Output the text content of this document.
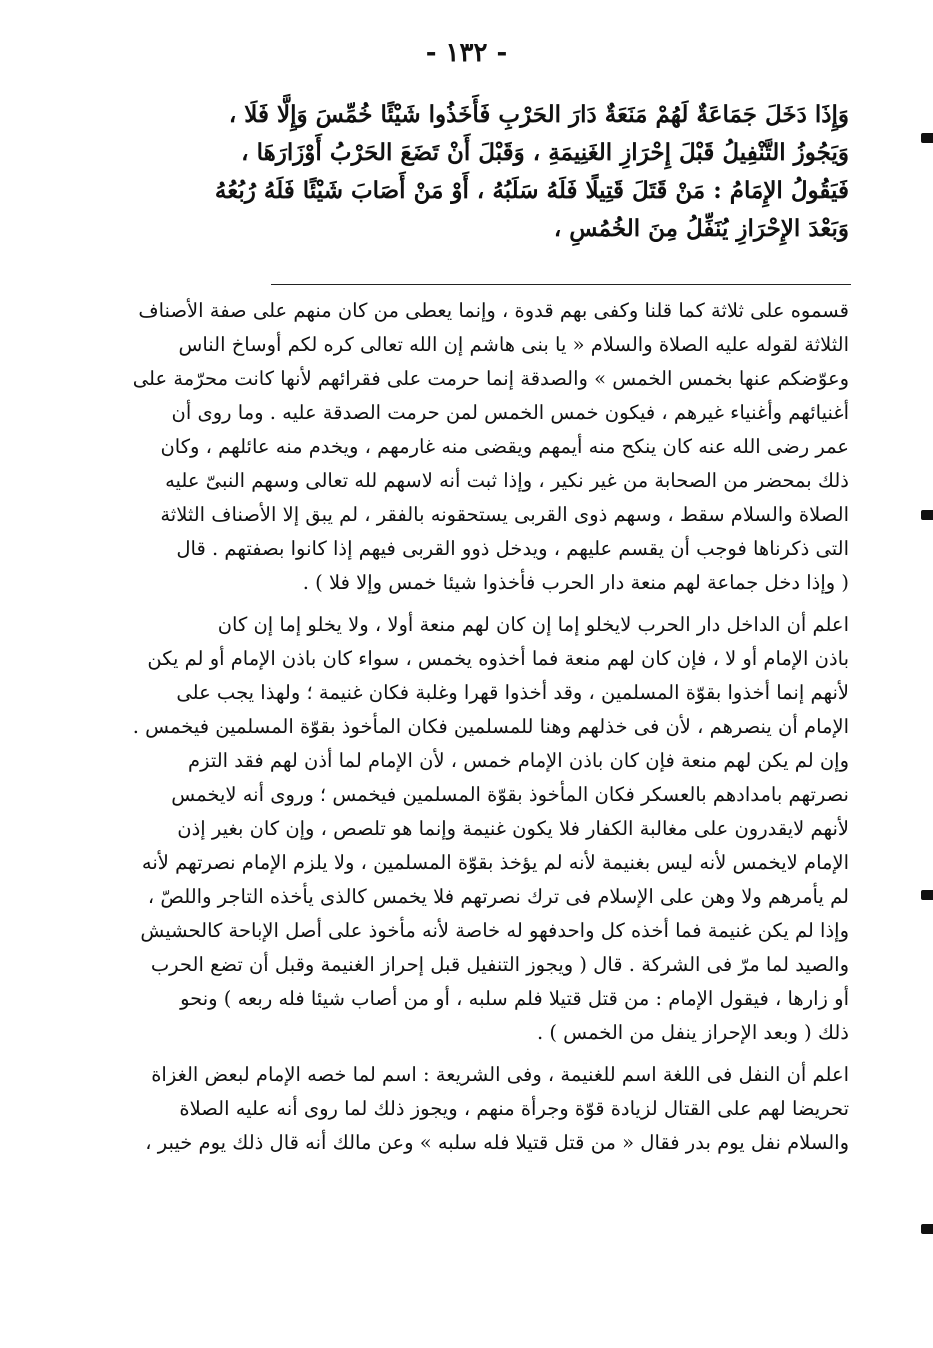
- ١٣٢ -
وَإِذَا دَخَلَ جَمَاعَةٌ لَهُمْ مَنَعَةٌ دَارَ الحَرْبِ فَأَخَذُوا شَيْئًا خُمِّسَ وَإِلَّا فَلَا ،
وَيَجُوزُ التَّنْفِيلُ قَبْلَ إِحْرَازِ الغَنِيمَةِ ، وَقَبْلَ أَنْ تَضَعَ الحَرْبُ أَوْزَارَهَا ،
فَيَقُولُ الإِمَامُ : مَنْ قَتَلَ قَتِيلًا فَلَهُ سَلَبُهُ ، أَوْ مَنْ أَصَابَ شَيْئًا فَلَهُ رُبُعُهُ
وَبَعْدَ الإِحْرَازِ يُنَفِّلُ مِنَ الخُمُسِ ،
قسموه على ثلاثة كما قلنا وكفى بهم قدوة ، وإنما يعطى من كان منهم على صفة الأصناف
الثلاثة لقوله عليه الصلاة والسلام « يا بنى هاشم إن الله تعالى كره لكم أوساخ الناس
وعوّضكم عنها بخمس الخمس » والصدقة إنما حرمت على فقرائهم لأنها كانت محرّمة على
أغنيائهم وأغنياء غيرهم ، فيكون خمس الخمس لمن حرمت الصدقة عليه . وما روى أن
عمر رضى الله عنه كان ينكح منه أيمهم ويقضى منه غارمهم ، ويخدم منه عائلهم ، وكان
ذلك بمحضر من الصحابة من غير نكير ، وإذا ثبت أنه لاسهم لله تعالى وسهم النبىّ عليه
الصلاة والسلام سقط ، وسهم ذوى القربى يستحقونه بالفقر ، لم يبق إلا الأصناف الثلاثة
التى ذكرناها فوجب أن يقسم عليهم ، ويدخل ذوو القربى فيهم إذا كانوا بصفتهم . قال
( وإذا دخل جماعة لهم منعة دار الحرب فأخذوا شيئا خمس وإلا فلا ) .
اعلم أن الداخل دار الحرب لايخلو إما إن كان لهم منعة أولا ، ولا يخلو إما إن كان
باذن الإمام أو لا ، فإن كان لهم منعة فما أخذوه يخمس ، سواء كان باذن الإمام أو لم يكن
لأنهم إنما أخذوا بقوّة المسلمين ، وقد أخذوا قهرا وغلبة فكان غنيمة ؛ ولهذا يجب على
الإمام أن ينصرهم ، لأن فى خذلهم وهنا للمسلمين فكان المأخوذ بقوّة المسلمين فيخمس .
وإن لم يكن لهم منعة فإن كان باذن الإمام خمس ، لأن الإمام لما أذن لهم فقد التزم
نصرتهم بامدادهم بالعسكر فكان المأخوذ بقوّة المسلمين فيخمس ؛ وروى أنه لايخمس
لأنهم لايقدرون على مغالبة الكفار فلا يكون غنيمة وإنما هو تلصص ، وإن كان بغير إذن
الإمام لايخمس لأنه ليس بغنيمة لأنه لم يؤخذ بقوّة المسلمين ، ولا يلزم الإمام نصرتهم لأنه
لم يأمرهم ولا وهن على الإسلام فى ترك نصرتهم فلا يخمس كالذى يأخذه التاجر واللصّ ،
وإذا لم يكن غنيمة فما أخذه كل واحدفهو له خاصة لأنه مأخوذ على أصل الإباحة كالحشيش
والصيد لما مرّ فى الشركة . قال ( ويجوز التنفيل قبل إحراز الغنيمة وقبل أن تضع الحرب
أو زارها ، فيقول الإمام : من قتل قتيلا فلم سلبه ، أو من أصاب شيئا فله ربعه ) ونحو
ذلك ( وبعد الإحراز ينفل من الخمس ) .
اعلم أن النفل فى اللغة اسم للغنيمة ، وفى الشريعة : اسم لما خصه الإمام لبعض الغزاة
تحريضا لهم على القتال لزيادة قوّة وجرأة منهم ، ويجوز ذلك لما روى أنه عليه الصلاة
والسلام نفل يوم بدر فقال « من قتل قتيلا فله سلبه » وعن مالك أنه قال ذلك يوم خيبر ،
